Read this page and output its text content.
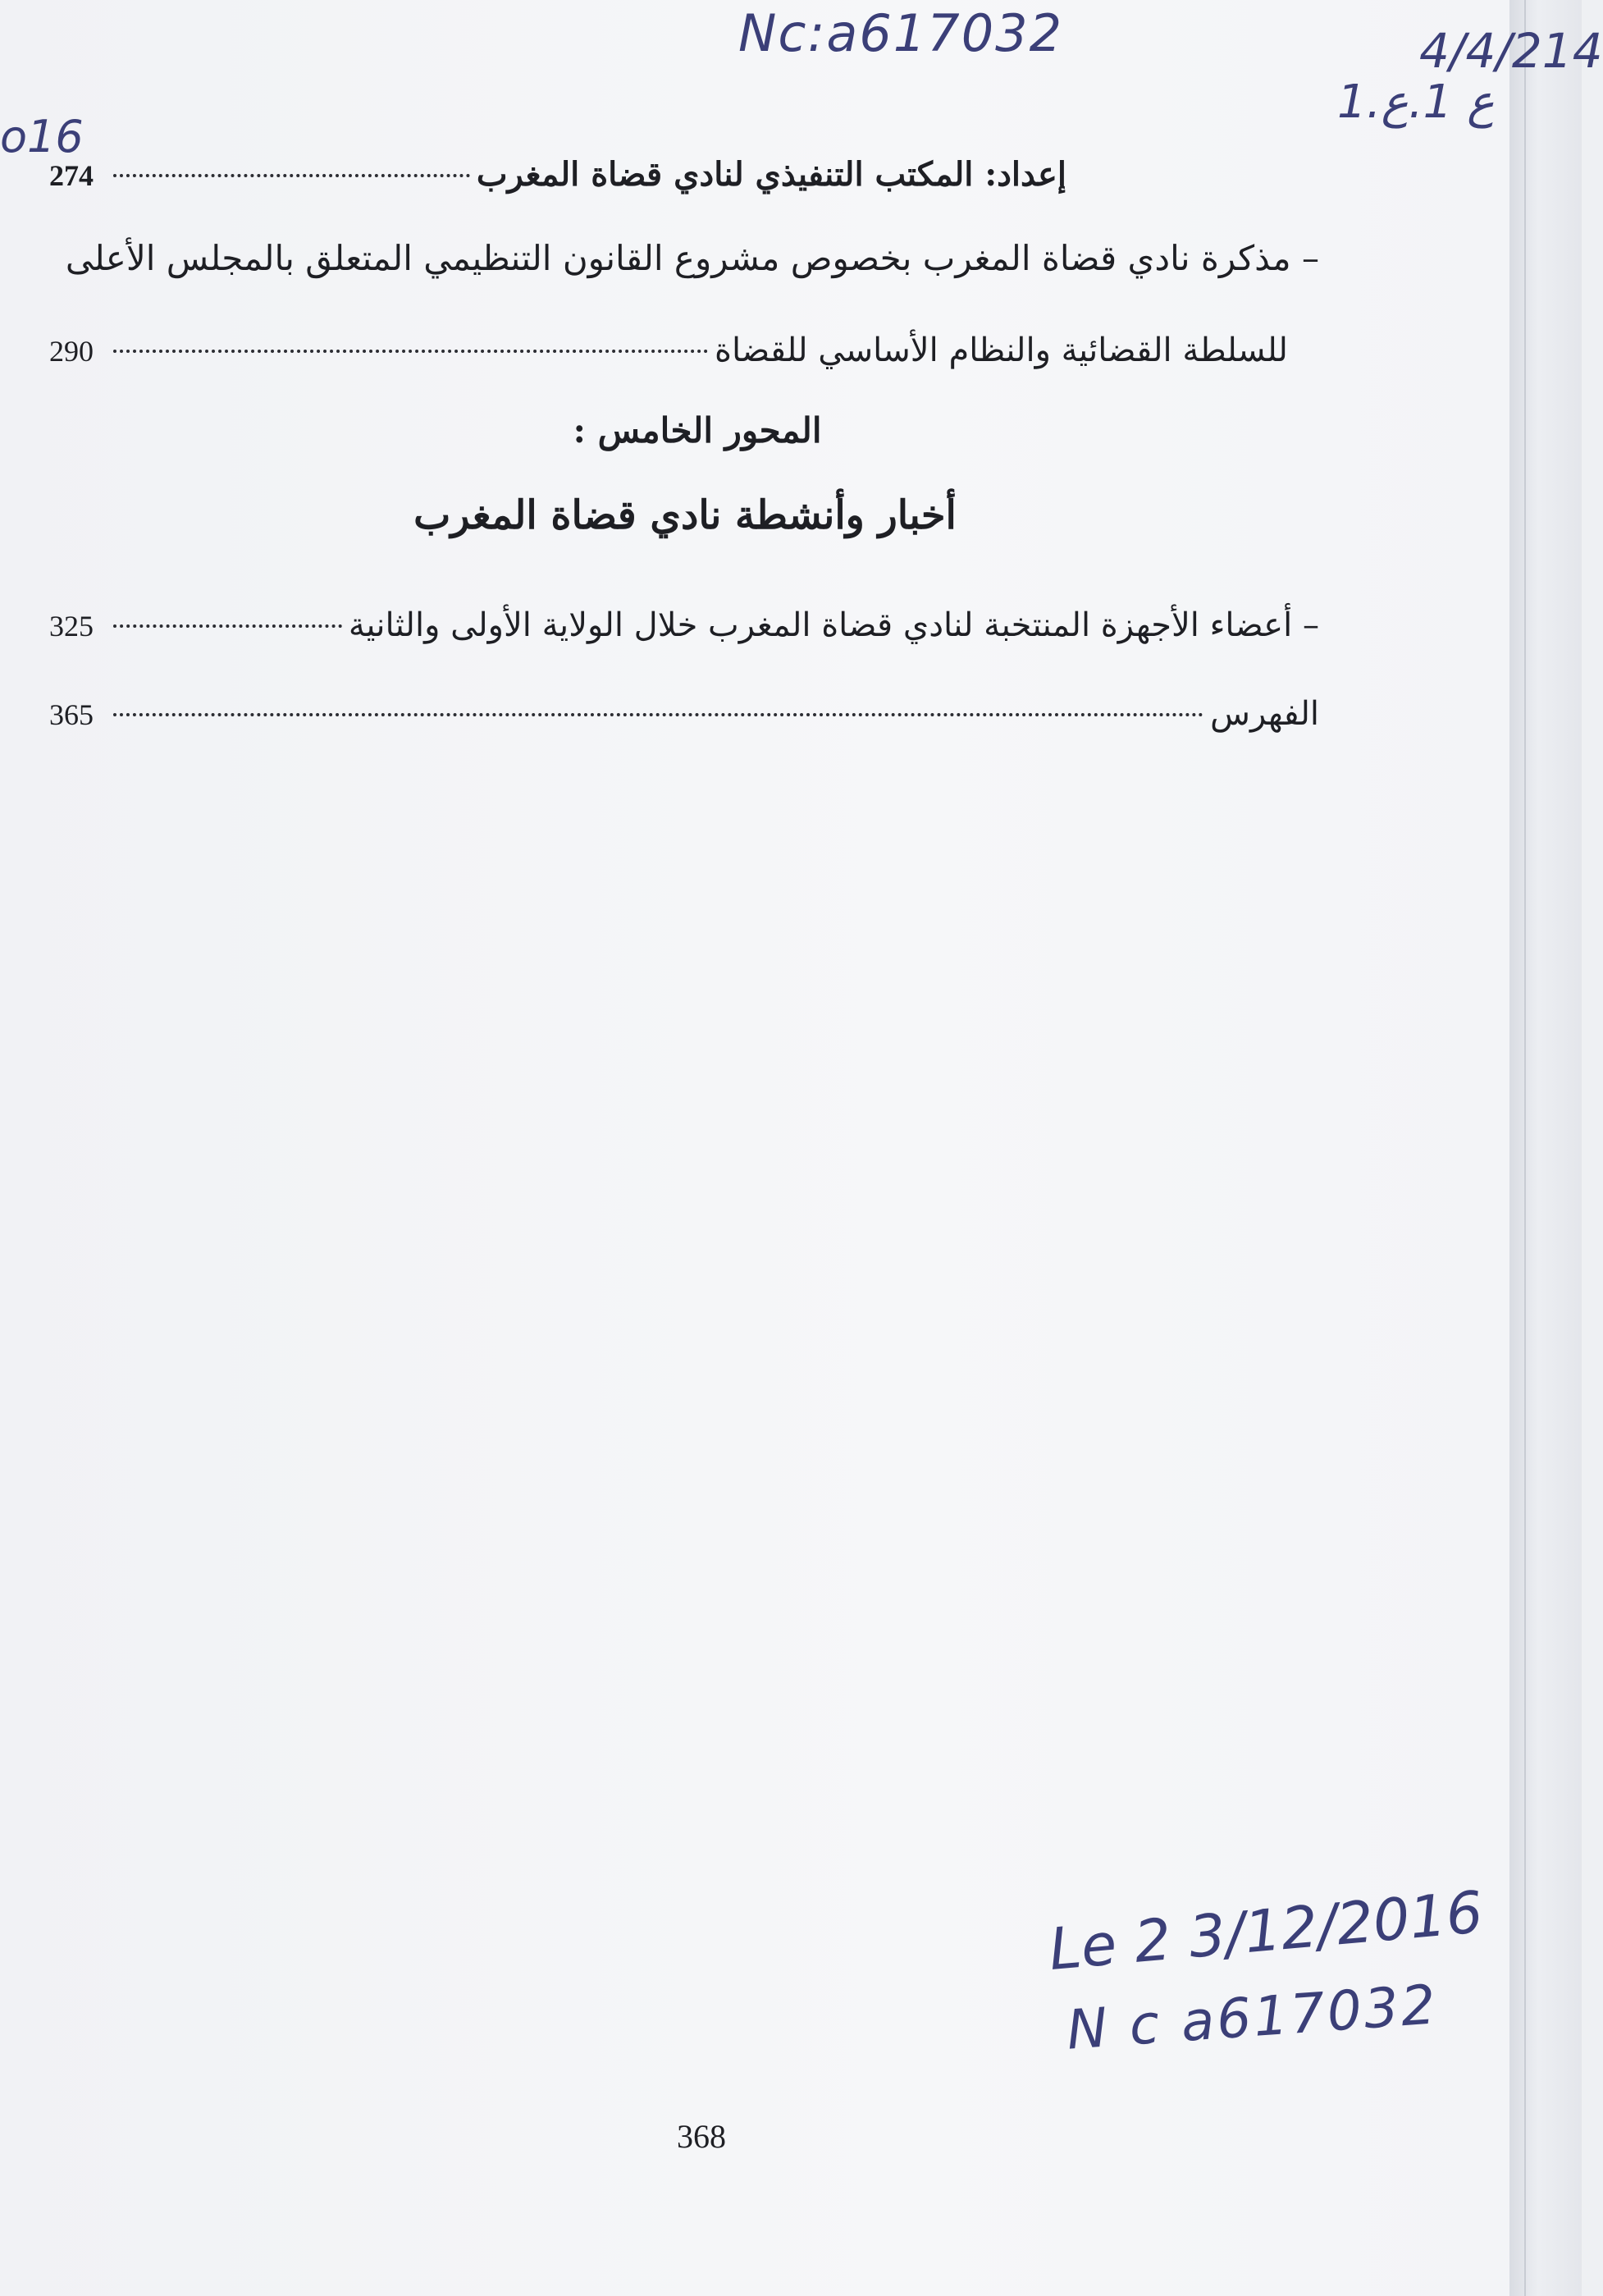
Nc:a617032	4/4/214
o16
1.ع 1.ع
إعداد: المكتب التنفيذي لنادي قضاة المغرب
274
– مذكرة نادي قضاة المغرب بخصوص مشروع القانون التنظيمي المتعلق بالمجلس الأعلى
للسلطة القضائية والنظام الأساسي للقضاة
290
المحور الخامس :
أخبار وأنشطة نادي قضاة المغرب
– أعضاء الأجهزة المنتخبة لنادي قضاة المغرب خلال الولاية الأولى والثانية
325
الفهرس
365
Le 2 3/12/2016
N c a617032
368
